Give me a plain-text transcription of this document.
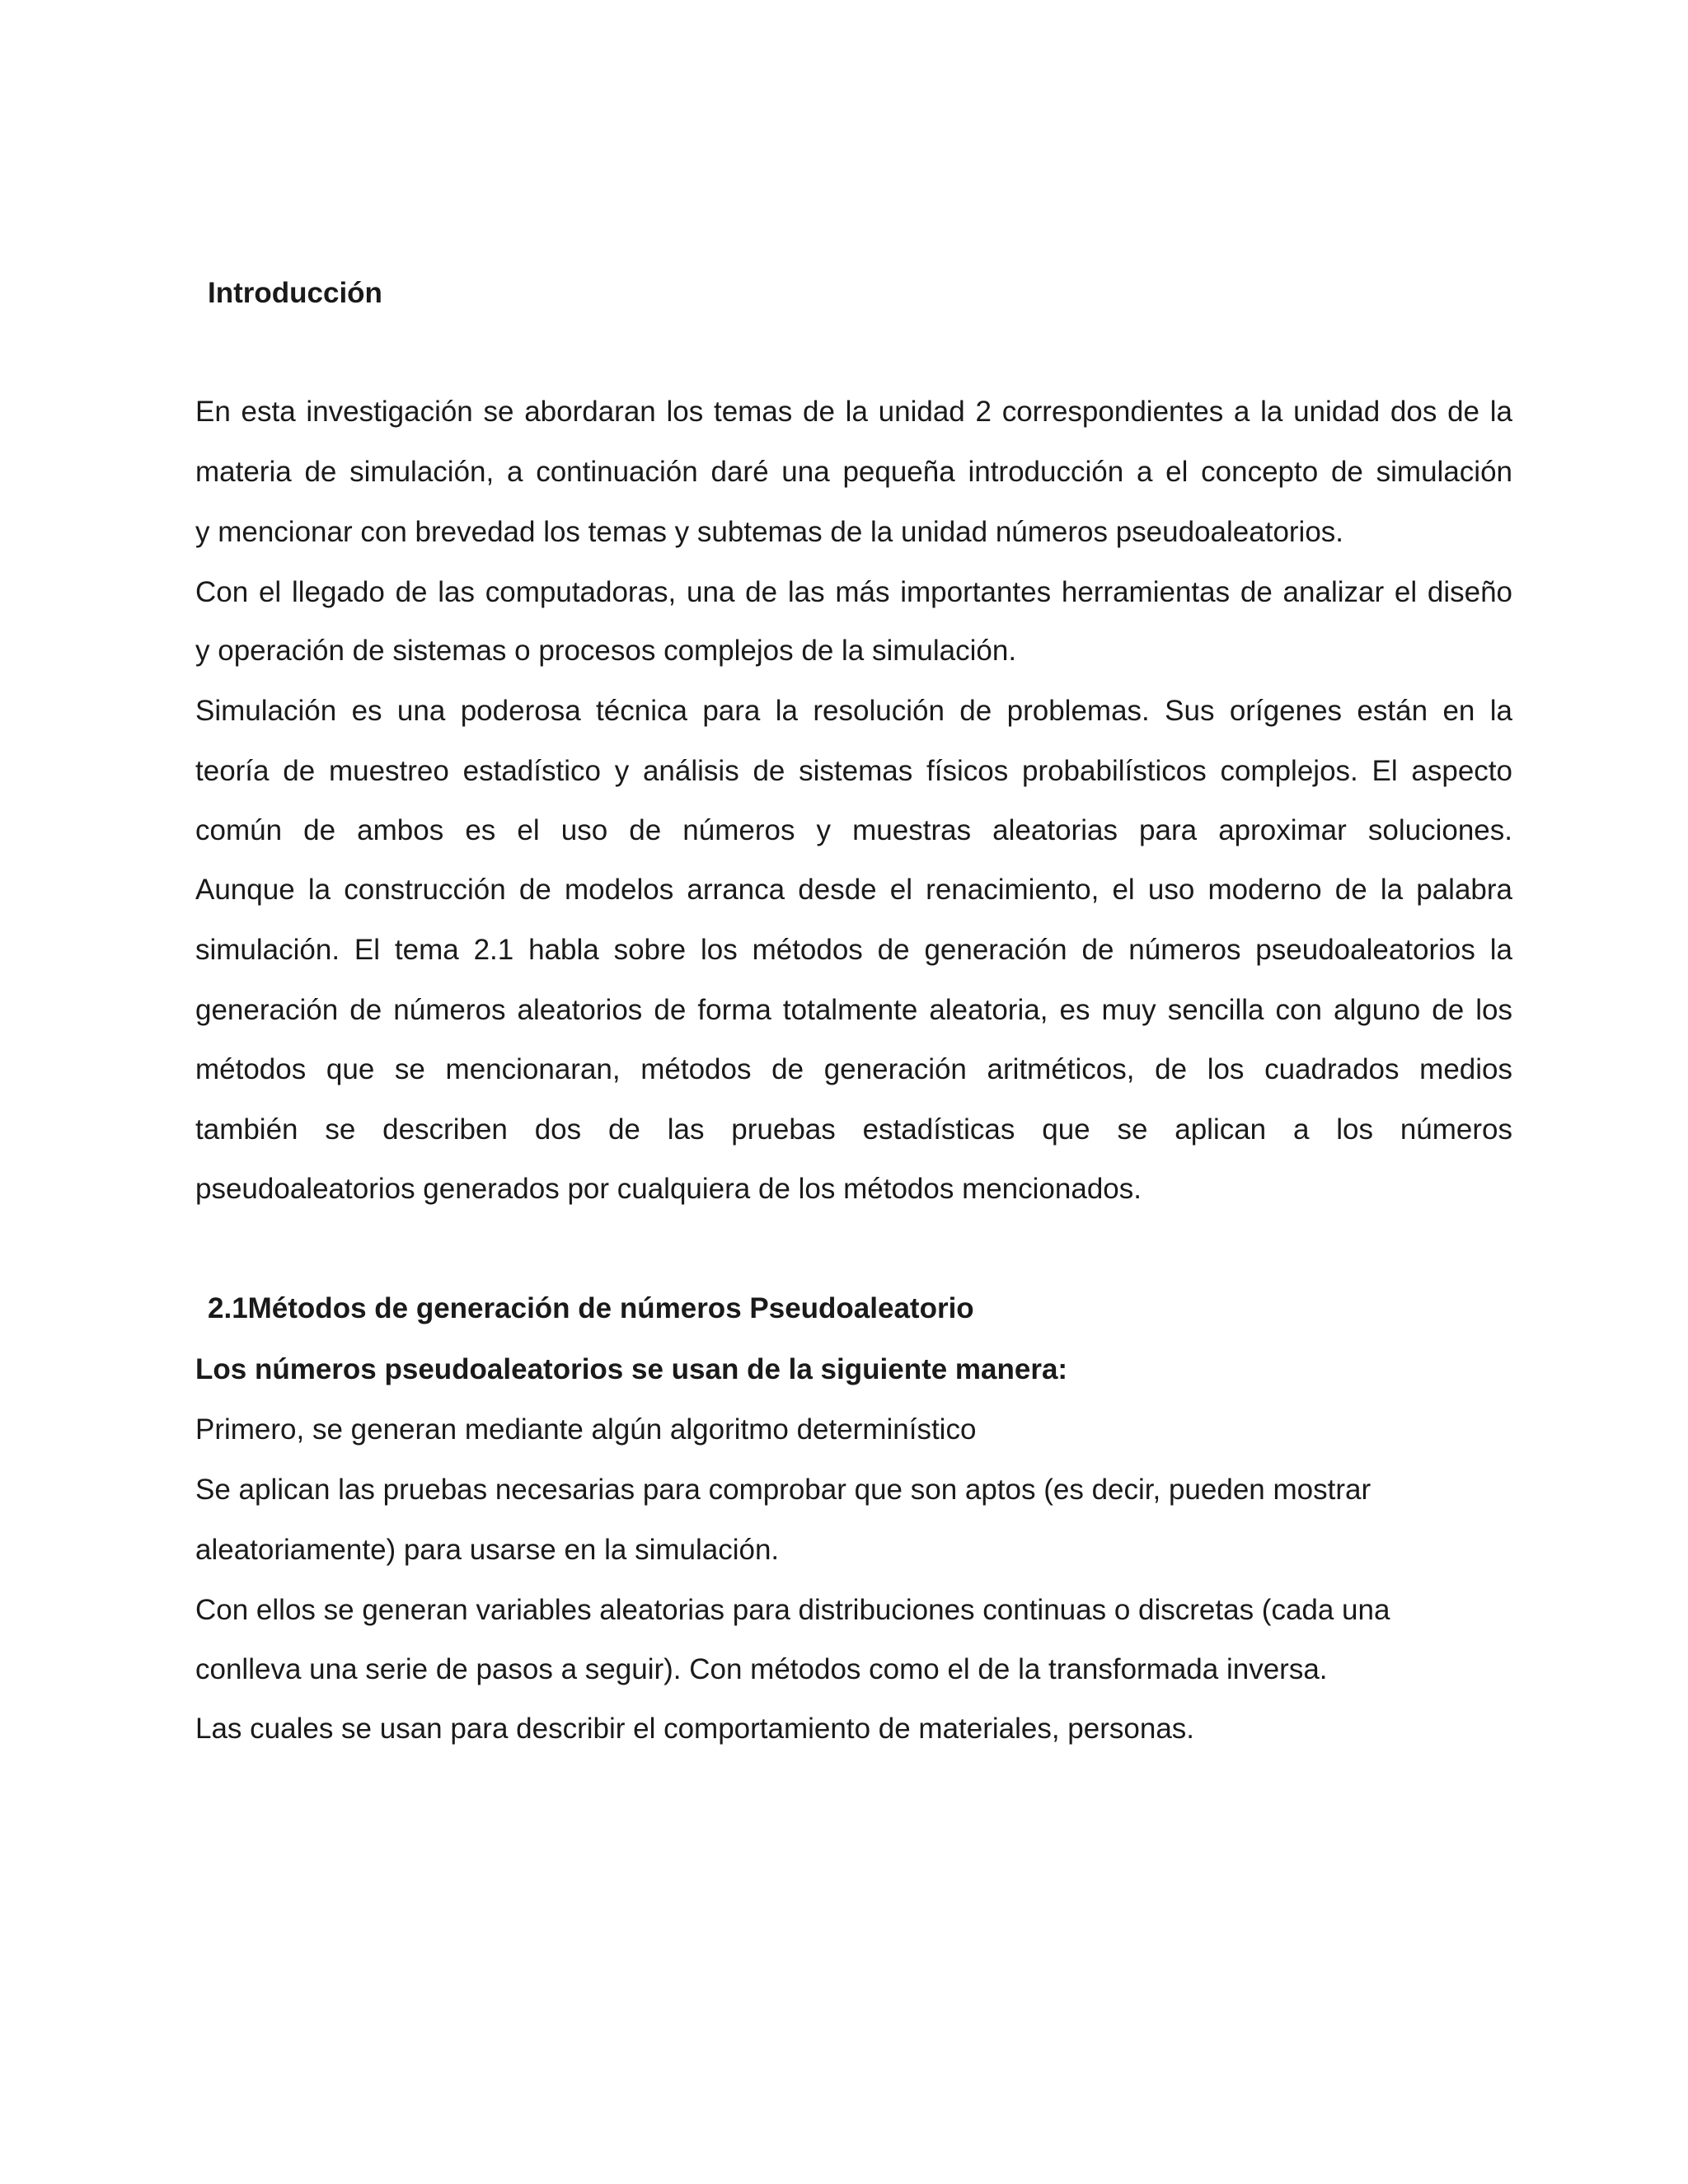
Introducción
En esta investigación se abordaran los temas de la unidad 2 correspondientes a la unidad dos de la
materia de simulación, a continuación daré una pequeña introducción a el concepto de simulación
y mencionar con brevedad los temas y subtemas de la unidad números pseudoaleatorios.
Con el llegado de las computadoras, una de las más importantes herramientas de analizar el diseño
y operación de sistemas o procesos complejos de la simulación.
Simulación es una poderosa técnica para la resolución de problemas. Sus orígenes están en la
teoría de muestreo estadístico y análisis de sistemas físicos probabilísticos complejos. El aspecto
común de ambos es el uso de números y muestras aleatorias para aproximar soluciones.
Aunque la construcción de modelos arranca desde el renacimiento, el uso moderno de la palabra
simulación. El tema 2.1 habla sobre los métodos de generación de números pseudoaleatorios la
generación de números aleatorios de forma totalmente aleatoria, es muy sencilla con alguno de los
métodos que se mencionaran, métodos de generación aritméticos, de los cuadrados medios
también se describen dos de las pruebas estadísticas que se aplican a los números
pseudoaleatorios generados por cualquiera de los métodos mencionados.
2.1Métodos de generación de números Pseudoaleatorio
Los números pseudoaleatorios se usan de la siguiente manera:
Primero, se generan mediante algún algoritmo determinístico
Se aplican las pruebas necesarias para comprobar que son aptos (es decir, pueden mostrar
aleatoriamente) para usarse en la simulación.
Con ellos se generan variables aleatorias para distribuciones continuas o discretas (cada una
conlleva una serie de pasos a seguir). Con métodos como el de la transformada inversa.
Las cuales se usan para describir el comportamiento de materiales, personas.
